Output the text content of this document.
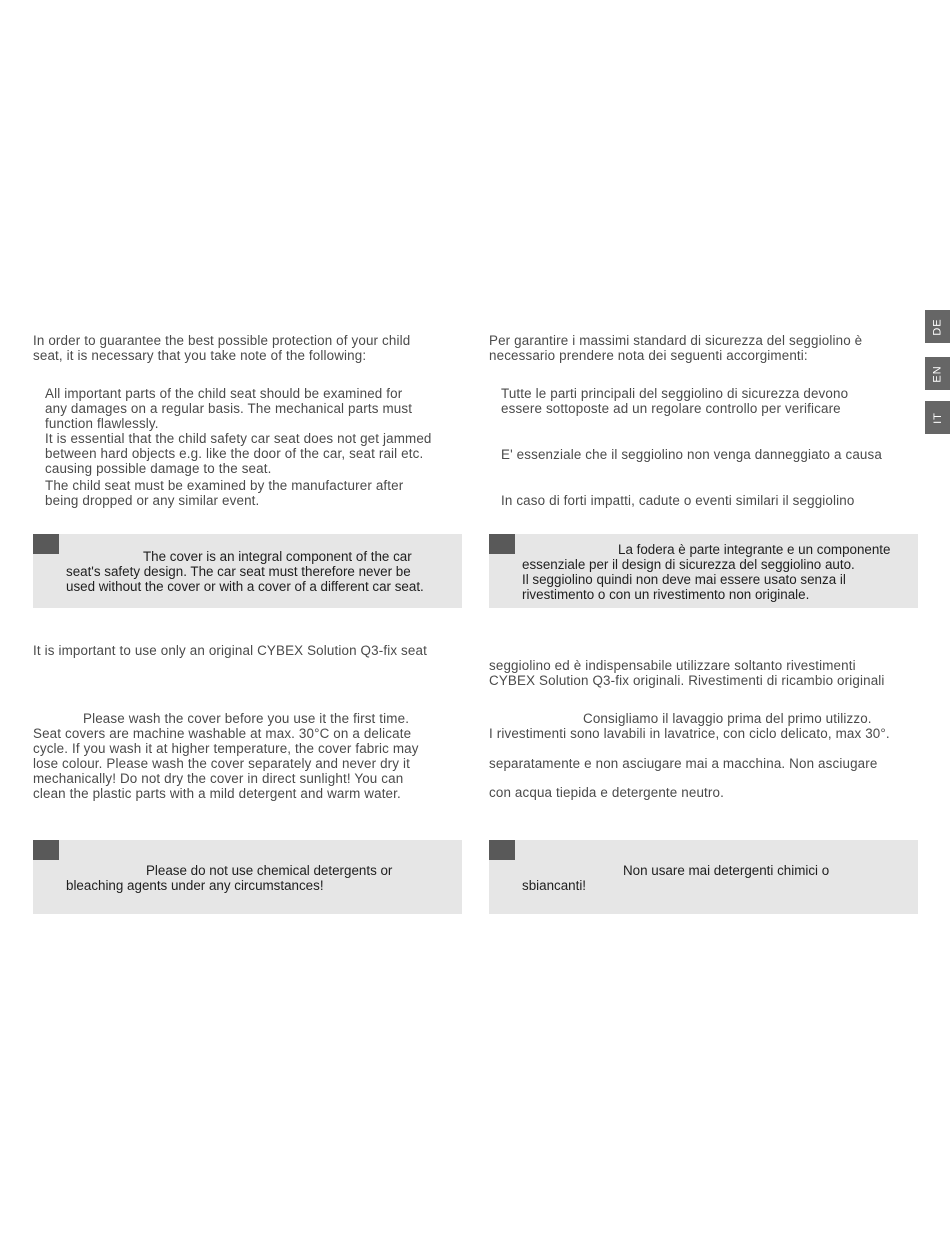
DE
EN
IT
In order to guarantee the best possible protection of your child
seat, it is necessary that you take note of the following:
All important parts of the child seat should be examined for
any damages on a regular basis. The mechanical parts must
function flawlessly.
It is essential that the child safety car seat does not get jammed
between hard objects e.g. like the door of the car, seat rail etc.
causing possible damage to the seat.
The child seat must be examined by the manufacturer after
being dropped or any similar event.
The cover is an integral component of the car
seat's safety design. The car seat must therefore never be
used without the cover or with a cover of a different car seat.
It is important to use only an original CYBEX Solution Q3-fix seat
Please wash the cover before you use it the first time.
Seat covers are machine washable at max. 30°C on a delicate
cycle. If you wash it at higher temperature, the cover fabric may
lose colour. Please wash the cover separately and never dry it
mechanically! Do not dry the cover in direct sunlight! You can
clean the plastic parts with a mild detergent and warm water.
Please do not use chemical detergents or
bleaching agents under any circumstances!
Per garantire i massimi standard di sicurezza del seggiolino è
necessario prendere nota dei seguenti accorgimenti:
Tutte le parti principali del seggiolino di sicurezza devono
essere sottoposte ad un regolare controllo per verificare
E' essenziale che il seggiolino non venga danneggiato a causa
In caso di forti impatti, cadute o eventi similari il seggiolino
La fodera è parte integrante e un componente
essenziale per il design di sicurezza del seggiolino auto.
Il seggiolino quindi non deve mai essere usato senza il
rivestimento o con un rivestimento non originale.
seggiolino ed è indispensabile utilizzare soltanto rivestimenti
CYBEX Solution Q3-fix originali. Rivestimenti di ricambio originali
Consigliamo il lavaggio prima del primo utilizzo.
I rivestimenti sono lavabili in lavatrice, con ciclo delicato, max 30°.
separatamente e non asciugare mai a macchina. Non asciugare
con acqua tiepida e detergente neutro.
Non usare mai detergenti chimici o
sbiancanti!
